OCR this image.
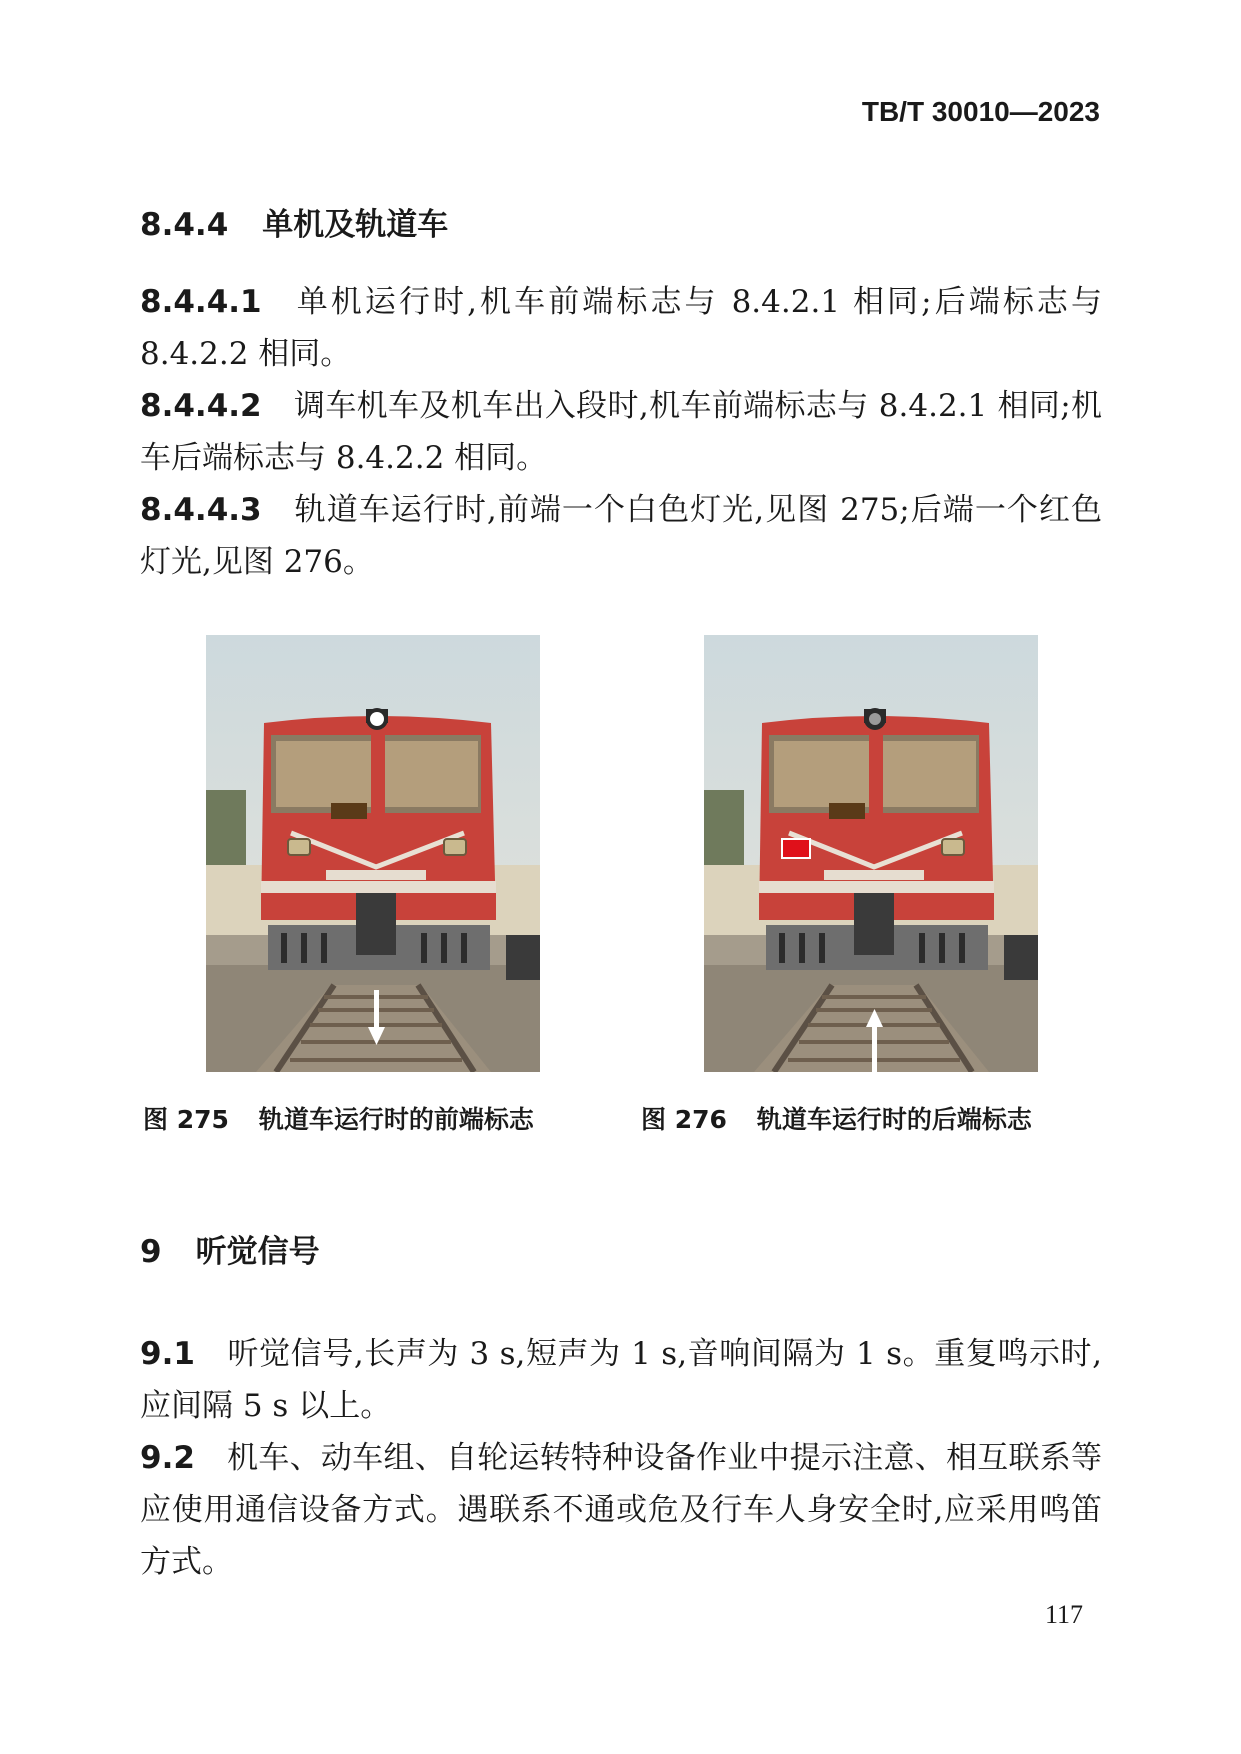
TB/T 30010—2023
8.4.4 单机及轨道车
8.4.4.1 单机运行时,机车前端标志与 8.4.2.1 相同;后端标志与 8.4.2.2 相同。
8.4.4.2 调车机车及机车出入段时,机车前端标志与 8.4.2.1 相同;机车后端标志与 8.4.2.2 相同。
8.4.4.3 轨道车运行时,前端一个白色灯光,见图 275;后端一个红色灯光,见图 276。
图 275 轨道车运行时的前端标志	图 276 轨道车运行时的后端标志
9 听觉信号
9.1 听觉信号,长声为 3 s,短声为 1 s,音响间隔为 1 s。重复鸣示时,应间隔 5 s 以上。
9.2 机车、动车组、自轮运转特种设备作业中提示注意、相互联系等应使用通信设备方式。遇联系不通或危及行车人身安全时,应采用鸣笛方式。
117
